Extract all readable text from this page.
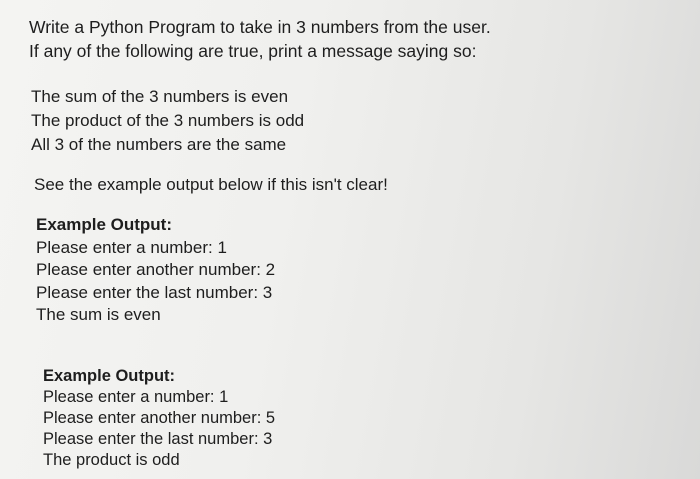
Write a Python Program to take in 3 numbers from the user.
If any of the following are true, print a message saying so:
The sum of the 3 numbers is even
The product of the 3 numbers is odd
All 3 of the numbers are the same
See the example output below if this isn't clear!
Example Output:
Please enter a number: 1
Please enter another number: 2
Please enter the last number: 3
The sum is even
Example Output:
Please enter a number: 1
Please enter another number: 5
Please enter the last number: 3
The product is odd
